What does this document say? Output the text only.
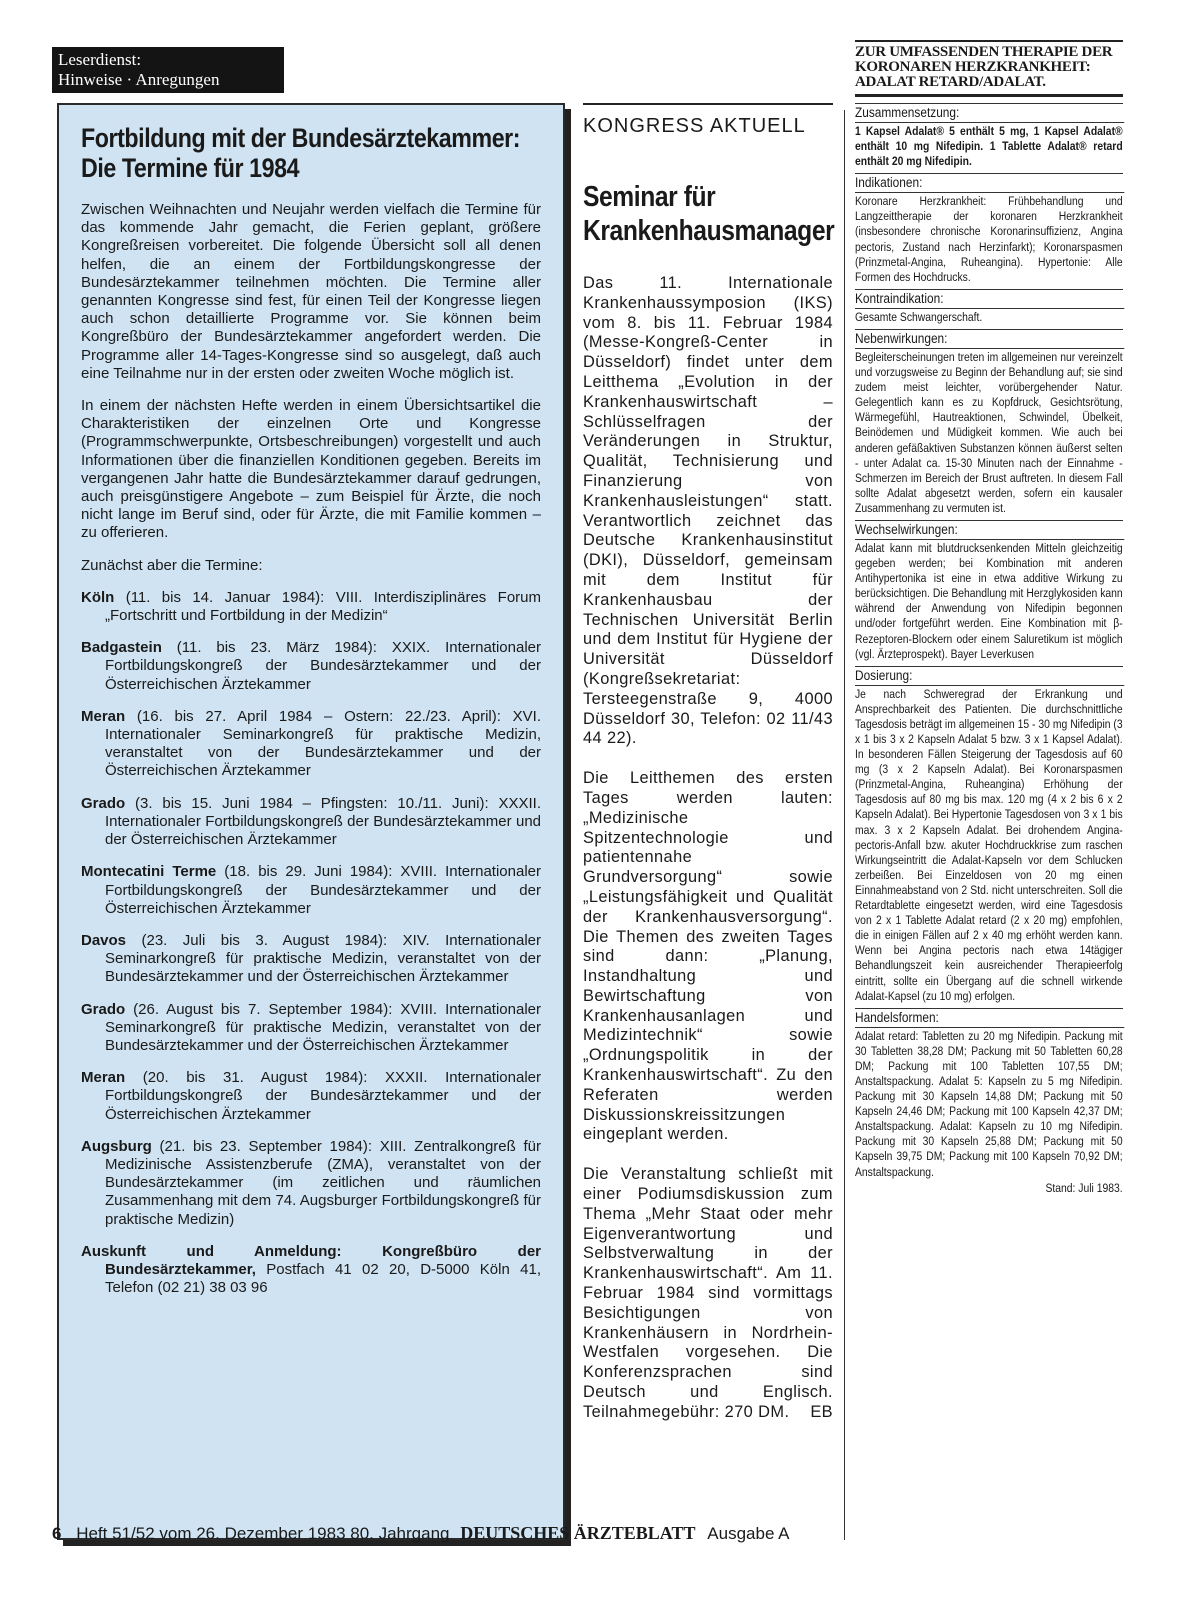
Leserdienst:
Hinweise · Anregungen
Fortbildung mit der Bundesärztekammer: Die Termine für 1984

Zwischen Weihnachten und Neujahr werden vielfach die Termine für das kommende Jahr gemacht, die Ferien geplant, größere Kongreßreisen vorbereitet. Die folgende Übersicht soll all denen helfen, die an einem der Fortbildungskongresse der Bundesärztekammer teilnehmen möchten. Die Termine aller genannten Kongresse sind fest, für einen Teil der Kongresse liegen auch schon detaillierte Programme vor. Sie können beim Kongreßbüro der Bundesärztekammer angefordert werden. Die Programme aller 14-Tages-Kongresse sind so ausgelegt, daß auch eine Teilnahme nur in der ersten oder zweiten Woche möglich ist.

In einem der nächsten Hefte werden in einem Übersichtsartikel die Charakteristiken der einzelnen Orte und Kongresse (Programmschwerpunkte, Ortsbeschreibungen) vorgestellt und auch Informationen über die finanziellen Konditionen gegeben. Bereits im vergangenen Jahr hatte die Bundesärztekammer darauf gedrungen, auch preisgünstigere Angebote – zum Beispiel für Ärzte, die noch nicht lange im Beruf sind, oder für Ärzte, die mit Familie kommen – zu offerieren.

Zunächst aber die Termine:

Köln (11. bis 14. Januar 1984): VIII. Interdisziplinäres Forum „Fortschritt und Fortbildung in der Medizin“
Badgastein (11. bis 23. März 1984): XXIX. Internationaler Fortbildungskongreß der Bundesärztekammer und der Österreichischen Ärztekammer
Meran (16. bis 27. April 1984 – Ostern: 22./23. April): XVI. Internationaler Seminarkongreß für praktische Medizin, veranstaltet von der Bundesärztekammer und der Österreichischen Ärztekammer
Grado (3. bis 15. Juni 1984 – Pfingsten: 10./11. Juni): XXXII. Internationaler Fortbildungskongreß der Bundesärztekammer und der Österreichischen Ärztekammer
Montecatini Terme (18. bis 29. Juni 1984): XVIII. Internationaler Fortbildungskongreß der Bundesärztekammer und der Österreichischen Ärztekammer
Davos (23. Juli bis 3. August 1984): XIV. Internationaler Seminarkongreß für praktische Medizin, veranstaltet von der Bundesärztekammer und der Österreichischen Ärztekammer
Grado (26. August bis 7. September 1984): XVIII. Internationaler Seminarkongreß für praktische Medizin, veranstaltet von der Bundesärztekammer und der Österreichischen Ärztekammer
Meran (20. bis 31. August 1984): XXXII. Internationaler Fortbildungskongreß der Bundesärztekammer und der Österreichischen Ärztekammer
Augsburg (21. bis 23. September 1984): XIII. Zentralkongreß für Medizinische Assistenzberufe (ZMA), veranstaltet von der Bundesärztekammer (im zeitlichen und räumlichen Zusammenhang mit dem 74. Augsburger Fortbildungskongreß für praktische Medizin)
Auskunft und Anmeldung: Kongreßbüro der Bundesärztekammer, Postfach 41 02 20, D-5000 Köln 41, Telefon (02 21) 38 03 96
KONGRESS AKTUELL
Seminar für Krankenhausmanager

Das 11. Internationale Krankenhaussymposion (IKS) vom 8. bis 11. Februar 1984 (Messe-Kongreß-Center in Düsseldorf) findet unter dem Leitthema „Evolution in der Krankenhauswirtschaft – Schlüsselfragen der Veränderungen in Struktur, Qualität, Technisierung und Finanzierung von Krankenhausleistungen“ statt. Verantwortlich zeichnet das Deutsche Krankenhausinstitut (DKI), Düsseldorf, gemeinsam mit dem Institut für Krankenhausbau der Technischen Universität Berlin und dem Institut für Hygiene der Universität Düsseldorf (Kongreßsekretariat: Tersteegenstraße 9, 4000 Düsseldorf 30, Telefon: 02 11/43 44 22).

Die Leitthemen des ersten Tages werden lauten: „Medizinische Spitzentechnologie und patientennahe Grundversorgung“ sowie „Leistungsfähigkeit und Qualität der Krankenhausversorgung“. Die Themen des zweiten Tages sind dann: „Planung, Instandhaltung und Bewirtschaftung von Krankenhausanlagen und Medizintechnik“ sowie „Ordnungspolitik in der Krankenhauswirtschaft“. Zu den Referaten werden Diskussionskreissitzungen eingeplant werden.

Die Veranstaltung schließt mit einer Podiumsdiskussion zum Thema „Mehr Staat oder mehr Eigenverantwortung und Selbstverwaltung in der Krankenhauswirtschaft“. Am 11. Februar 1984 sind vormittags Besichtigungen von Krankenhäusern in Nordrhein-Westfalen vorgesehen. Die Konferenzsprachen sind Deutsch und Englisch. Teilnahmegebühr: 270 DM. EB

ZUR UMFASSENDEN THERAPIE DER KORONAREN HERZKRANKHEIT: ADALAT RETARD/ADALAT.
Zusammensetzung:
1 Kapsel Adalat® 5 enthält 5 mg, 1 Kapsel Adalat® enthält 10 mg Nifedipin. 1 Tablette Adalat® retard enthält 20 mg Nifedipin.
Indikationen:
Koronare Herzkrankheit: Frühbehandlung und Langzeittherapie der koronaren Herzkrankheit (insbesondere chronische Koronarinsuffizienz, Angina pectoris, Zustand nach Herzinfarkt); Koronarspasmen (Prinzmetal-Angina, Ruheangina). Hypertonie: Alle Formen des Hochdrucks.
Kontraindikation:
Gesamte Schwangerschaft.
Nebenwirkungen:
Begleiterscheinungen treten im allgemeinen nur vereinzelt und vorzugsweise zu Beginn der Behandlung auf; sie sind zudem meist leichter, vorübergehender Natur. Gelegentlich kann es zu Kopfdruck, Gesichtsrötung, Wärmegefühl, Hautreaktionen, Schwindel, Übelkeit, Beinödemen und Müdigkeit kommen. Wie auch bei anderen gefäßaktiven Substanzen können äußerst selten - unter Adalat ca. 15-30 Minuten nach der Einnahme - Schmerzen im Bereich der Brust auftreten. In diesem Fall sollte Adalat abgesetzt werden, sofern ein kausaler Zusammenhang zu vermuten ist.
Wechselwirkungen:
Adalat kann mit blutdrucksenkenden Mitteln gleichzeitig gegeben werden; bei Kombination mit anderen Antihypertonika ist eine in etwa additive Wirkung zu berücksichtigen. Die Behandlung mit Herzglykosiden kann während der Anwendung von Nifedipin begonnen und/oder fortgeführt werden. Eine Kombination mit β-Rezeptoren-Blockern oder einem Saluretikum ist möglich (vgl. Ärzteprospekt). Bayer Leverkusen
Dosierung:
Je nach Schweregrad der Erkrankung und Ansprechbarkeit des Patienten. Die durchschnittliche Tagesdosis beträgt im allgemeinen 15 - 30 mg Nifedipin (3 x 1 bis 3 x 2 Kapseln Adalat 5 bzw. 3 x 1 Kapsel Adalat). In besonderen Fällen Steigerung der Tagesdosis auf 60 mg (3 x 2 Kapseln Adalat). Bei Koronarspasmen (Prinzmetal-Angina, Ruheangina) Erhöhung der Tagesdosis auf 80 mg bis max. 120 mg (4 x 2 bis 6 x 2 Kapseln Adalat). Bei Hypertonie Tagesdosen von 3 x 1 bis max. 3 x 2 Kapseln Adalat. Bei drohendem Angina-pectoris-Anfall bzw. akuter Hochdruckkrise zum raschen Wirkungseintritt die Adalat-Kapseln vor dem Schlucken zerbeißen. Bei Einzeldosen von 20 mg einen Einnahmeabstand von 2 Std. nicht unterschreiten. Soll die Retardtablette eingesetzt werden, wird eine Tagesdosis von 2 x 1 Tablette Adalat retard (2 x 20 mg) empfohlen, die in einigen Fällen auf 2 x 40 mg erhöht werden kann. Wenn bei Angina pectoris nach etwa 14tägiger Behandlungszeit kein ausreichender Therapieerfolg eintritt, sollte ein Übergang auf die schnell wirkende Adalat-Kapsel (zu 10 mg) erfolgen.
Handelsformen:
Adalat retard: Tabletten zu 20 mg Nifedipin. Packung mit 30 Tabletten 38,28 DM; Packung mit 50 Tabletten 60,28 DM; Packung mit 100 Tabletten 107,55 DM; Anstaltspackung. Adalat 5: Kapseln zu 5 mg Nifedipin. Packung mit 30 Kapseln 14,88 DM; Packung mit 50 Kapseln 24,46 DM; Packung mit 100 Kapseln 42,37 DM; Anstaltspackung. Adalat: Kapseln zu 10 mg Nifedipin. Packung mit 30 Kapseln 25,88 DM; Packung mit 50 Kapseln 39,75 DM; Packung mit 100 Kapseln 70,92 DM; Anstaltspackung.
Stand: Juli 1983.
6 Heft 51/52 vom 26. Dezember 1983 80. Jahrgang DEUTSCHES ÄRZTEBLATT Ausgabe A
